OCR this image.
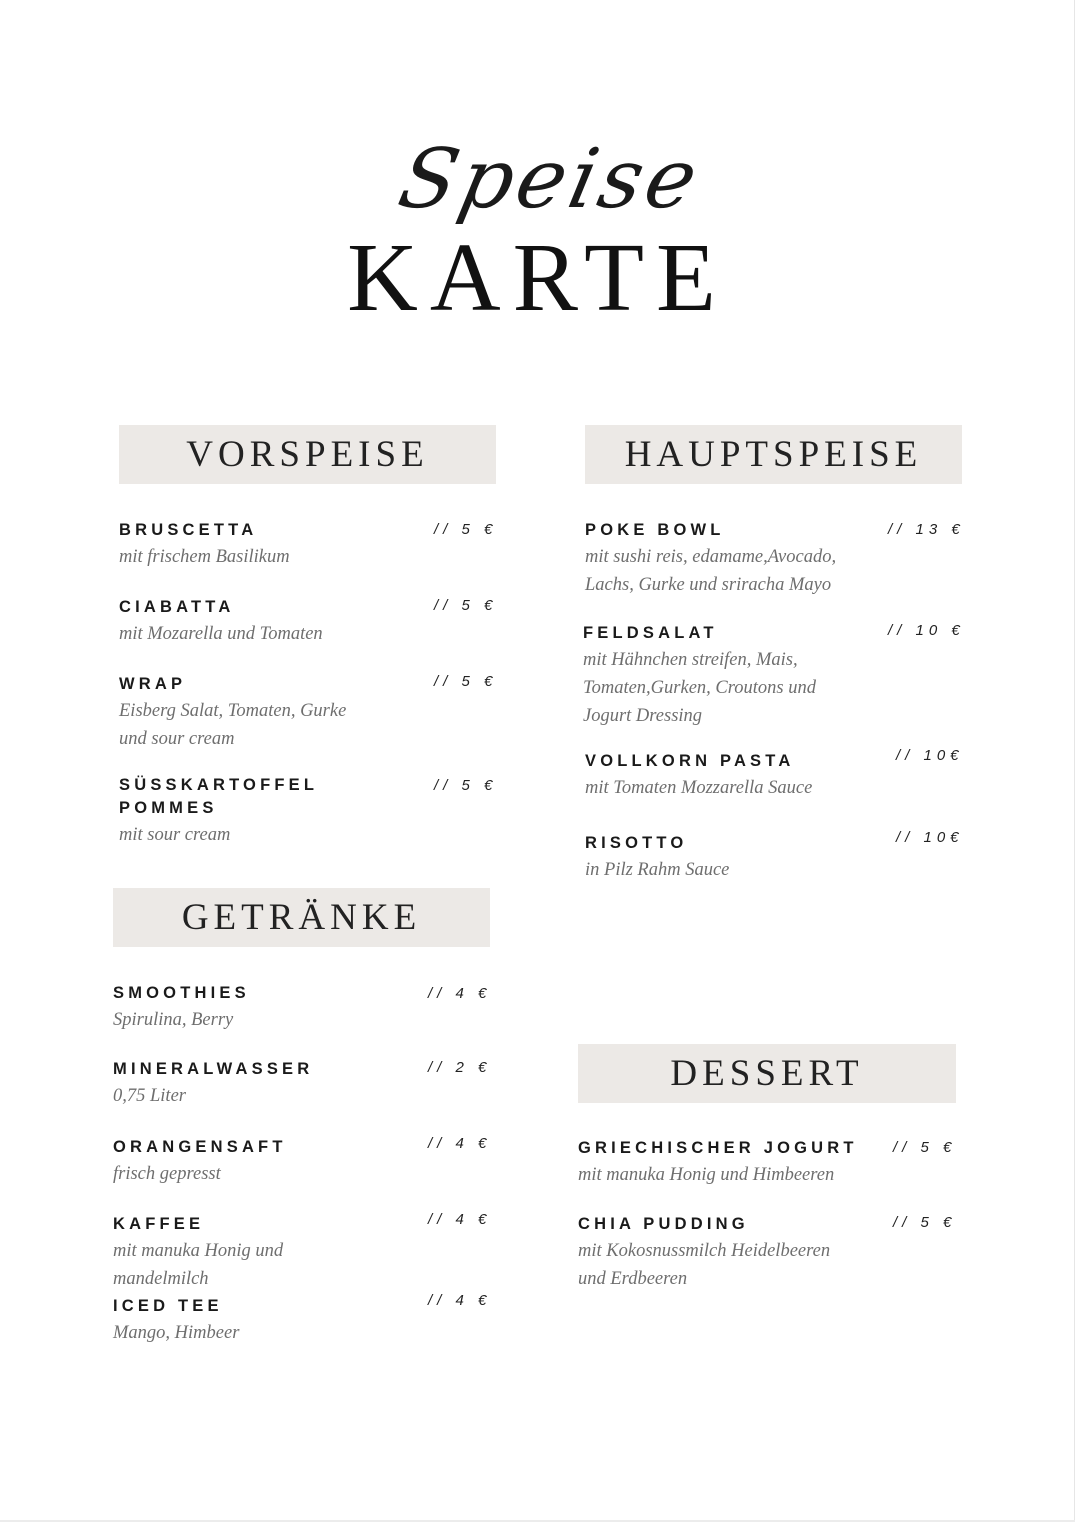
Speise
KARTE
VORSPEISE
BRUSCETTA
mit frischem Basilikum
// 5 €
CIABATTA
mit Mozarella und Tomaten
// 5 €
WRAP
Eisberg Salat, Tomaten, Gurke
und sour cream
// 5 €
SÜSSKARTOFFEL
POMMES
mit sour cream
// 5 €
HAUPTSPEISE
POKE BOWL
mit sushi reis, edamame,Avocado,
Lachs, Gurke und sriracha Mayo
// 13 €
FELDSALAT
mit Hähnchen streifen, Mais,
Tomaten,Gurken, Croutons und
Jogurt Dressing
// 10 €
VOLLKORN PASTA
mit Tomaten Mozzarella Sauce
// 10€
RISOTTO
in Pilz Rahm Sauce
// 10€
GETRÄNKE
SMOOTHIES
Spirulina, Berry
// 4 €
MINERALWASSER
0,75 Liter
// 2 €
ORANGENSAFT
frisch gepresst
// 4 €
KAFFEE
mit manuka Honig und
mandelmilch
// 4 €
ICED TEE
Mango, Himbeer
// 4 €
DESSERT
GRIECHISCHER JOGURT
mit manuka Honig und Himbeeren
// 5 €
CHIA PUDDING
mit Kokosnussmilch Heidelbeeren
und Erdbeeren
// 5 €
